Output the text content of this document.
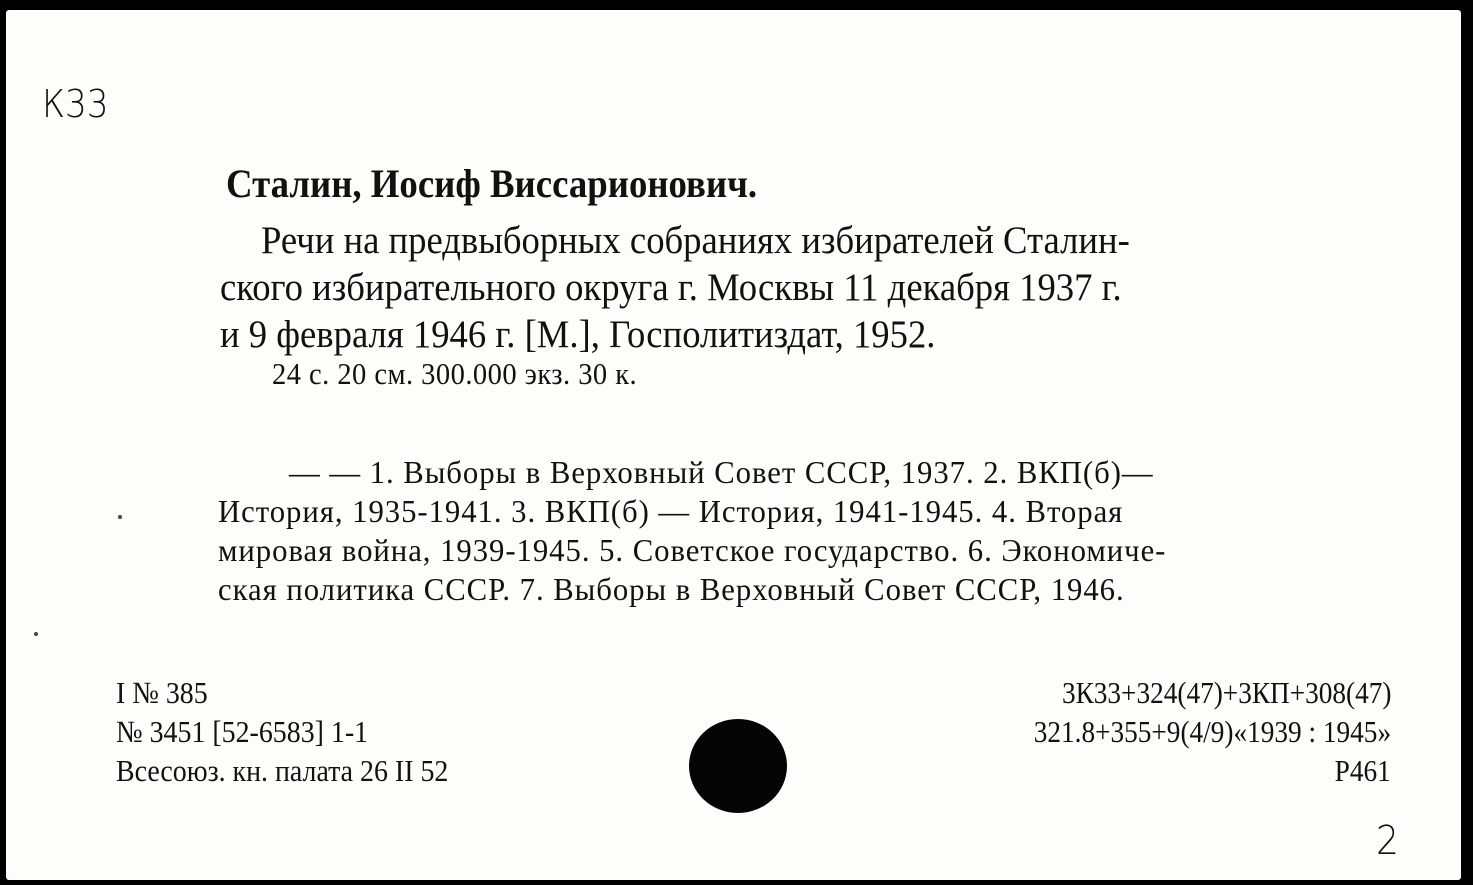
К33
Сталин, Иосиф Виссарионович.
Речи на предвыборных собраниях избирателей Сталин-
ского избирательного округа г. Москвы 11 декабря 1937 г.
и 9 февраля 1946 г. [М.], Госполитиздат, 1952.
24 с. 20 см. 300.000 экз. 30 к.
— — 1. Выборы в Верховный Совет СССР, 1937. 2. ВКП(б)—
История, 1935-1941. 3. ВКП(б) — История, 1941-1945. 4. Вторая
мировая война, 1939-1945. 5. Советское государство. 6. Экономиче-
ская политика СССР. 7. Выборы в Верховный Совет СССР, 1946.
I № 385
№ 3451 [52-6583] 1-1
Всесоюз. кн. палата 26 II 52
3К33+324(47)+3КП+308(47)
321.8+355+9(4/9)«1939 : 1945»
Р461
2
